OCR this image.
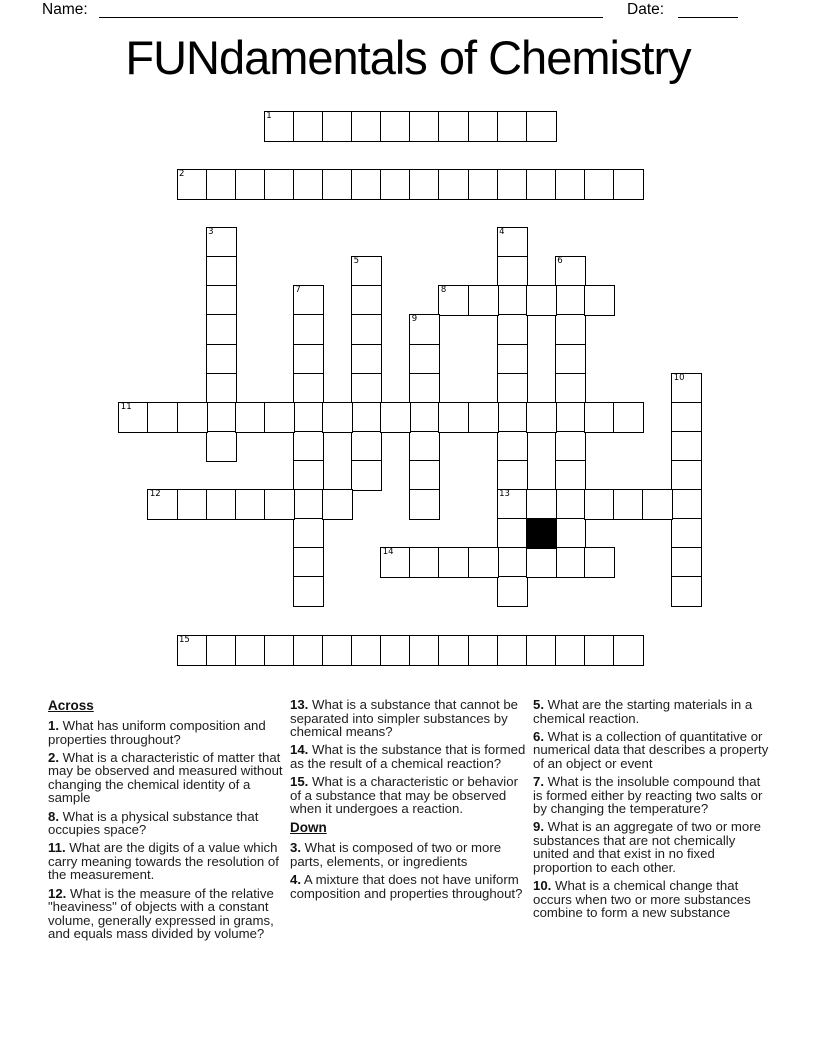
Name:	Date:
FUNdamentals of Chemistry
1
2
3	4
13
5	6
7	8
9
10
11
12
14
15
Across

1. What has uniform composition and properties throughout?

2. What is a characteristic of matter that may be observed and measured without changing the chemical identity of a sample

8. What is a physical substance that occupies space?

11. What are the digits of a value which carry meaning towards the resolution of the measurement.

12. What is the measure of the relative "heaviness" of objects with a constant volume, generally expressed in grams, and equals mass divided by volume?

13. What is a substance that cannot be separated into simpler substances by chemical means?

14. What is the substance that is formed as the result of a chemical reaction?

15. What is a characteristic or behavior of a substance that may be observed when it undergoes a reaction.

Down

3. What is composed of two or more parts, elements, or ingredients

4. A mixture that does not have uniform composition and properties throughout?

5. What are the starting materials in a chemical reaction.

6. What is a collection of quantitative or numerical data that describes a property of an object or event

7. What is the insoluble compound that is formed either by reacting two salts or by changing the temperature?

9. What is an aggregate of two or more substances that are not chemically united and that exist in no fixed proportion to each other.

10. What is a chemical change that occurs when two or more substances combine to form a new substance
